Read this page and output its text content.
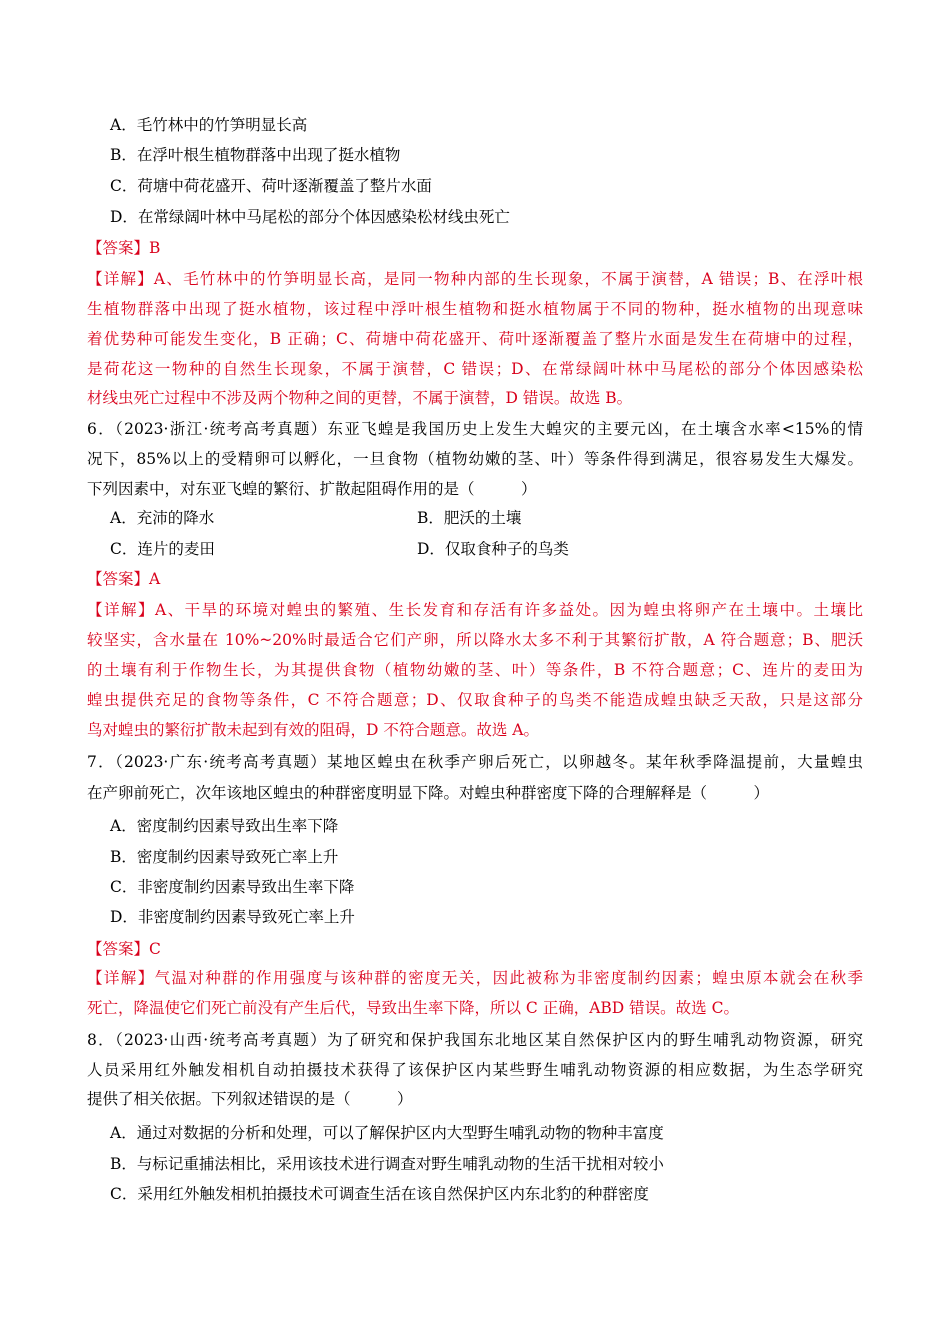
A．毛竹林中的竹笋明显长高
B．在浮叶根生植物群落中出现了挺水植物
C．荷塘中荷花盛开、荷叶逐渐覆盖了整片水面
D．在常绿阔叶林中马尾松的部分个体因感染松材线虫死亡
【答案】B
【详解】A、毛竹林中的竹笋明显长高，是同一物种内部的生长现象，不属于演替，A 错误；B、在浮叶根
生植物群落中出现了挺水植物，该过程中浮叶根生植物和挺水植物属于不同的物种，挺水植物的出现意味
着优势种可能发生变化，B 正确；C、荷塘中荷花盛开、荷叶逐渐覆盖了整片水面是发生在荷塘中的过程，
是荷花这一物种的自然生长现象，不属于演替，C 错误；D、在常绿阔叶林中马尾松的部分个体因感染松
材线虫死亡过程中不涉及两个物种之间的更替，不属于演替，D 错误。故选 B。
6．（2023·浙江·统考高考真题）东亚飞蝗是我国历史上发生大蝗灾的主要元凶，在土壤含水率<15%的情
况下，85%以上的受精卵可以孵化，一旦食物（植物幼嫩的茎、叶）等条件得到满足，很容易发生大爆发。
下列因素中，对东亚飞蝗的繁衍、扩散起阻碍作用的是（　　　）
A．充沛的降水	B．肥沃的土壤
C．连片的麦田	D．仅取食种子的鸟类
【答案】A
【详解】A、干旱的环境对蝗虫的繁殖、生长发育和存活有许多益处。因为蝗虫将卵产在土壤中。土壤比
较坚实，含水量在 10%~20%时最适合它们产卵，所以降水太多不利于其繁衍扩散，A 符合题意；B、肥沃
的土壤有利于作物生长，为其提供食物（植物幼嫩的茎、叶）等条件，B 不符合题意；C、连片的麦田为
蝗虫提供充足的食物等条件，C 不符合题意；D、仅取食种子的鸟类不能造成蝗虫缺乏天敌，只是这部分
鸟对蝗虫的繁衍扩散未起到有效的阻碍，D 不符合题意。故选 A。
7．（2023·广东·统考高考真题）某地区蝗虫在秋季产卵后死亡，以卵越冬。某年秋季降温提前，大量蝗虫
在产卵前死亡，次年该地区蝗虫的种群密度明显下降。对蝗虫种群密度下降的合理解释是（　　　）
A．密度制约因素导致出生率下降
B．密度制约因素导致死亡率上升
C．非密度制约因素导致出生率下降
D．非密度制约因素导致死亡率上升
【答案】C
【详解】气温对种群的作用强度与该种群的密度无关，因此被称为非密度制约因素；蝗虫原本就会在秋季
死亡，降温使它们死亡前没有产生后代，导致出生率下降，所以 C 正确，ABD 错误。故选 C。
8．（2023·山西·统考高考真题）为了研究和保护我国东北地区某自然保护区内的野生哺乳动物资源，研究
人员采用红外触发相机自动拍摄技术获得了该保护区内某些野生哺乳动物资源的相应数据，为生态学研究
提供了相关依据。下列叙述错误的是（　　　）
A．通过对数据的分析和处理，可以了解保护区内大型野生哺乳动物的物种丰富度
B．与标记重捕法相比，采用该技术进行调查对野生哺乳动物的生活干扰相对较小
C．采用红外触发相机拍摄技术可调查生活在该自然保护区内东北豹的种群密度
